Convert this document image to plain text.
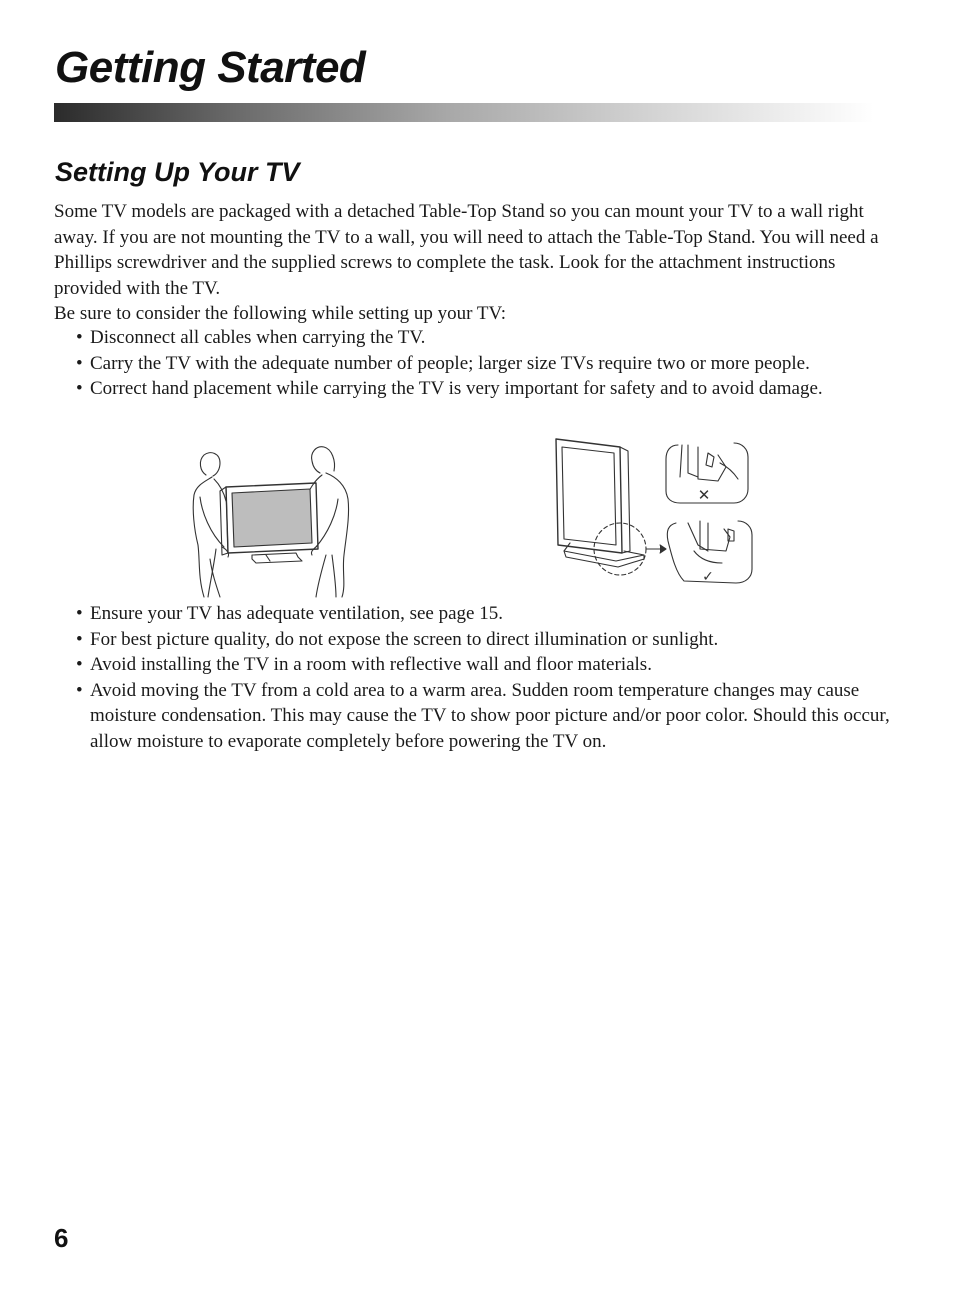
Getting Started
Setting Up Your TV

Some TV models are packaged with a detached Table-Top Stand so you can mount your TV to a wall right away. If you are not mounting the TV to a wall, you will need to attach the Table-Top Stand. You will need a Phillips screwdriver and the supplied screws to complete the task. Look for the attachment instructions provided with the TV.

Be sure to consider the following while setting up your TV:

• Disconnect all cables when carrying the TV.
• Carry the TV with the adequate number of people; larger size TVs require two or more people.
• Correct hand placement while carrying the TV is very important for safety and to avoid damage.
✕
✓
• Ensure your TV has adequate ventilation, see page 15.
• For best picture quality, do not expose the screen to direct illumination or sunlight.
• Avoid installing the TV in a room with reflective wall and floor materials.
• Avoid moving the TV from a cold area to a warm area. Sudden room temperature changes may cause moisture condensation. This may cause the TV to show poor picture and/or poor color. Should this occur, allow moisture to evaporate completely before powering the TV on.

6
